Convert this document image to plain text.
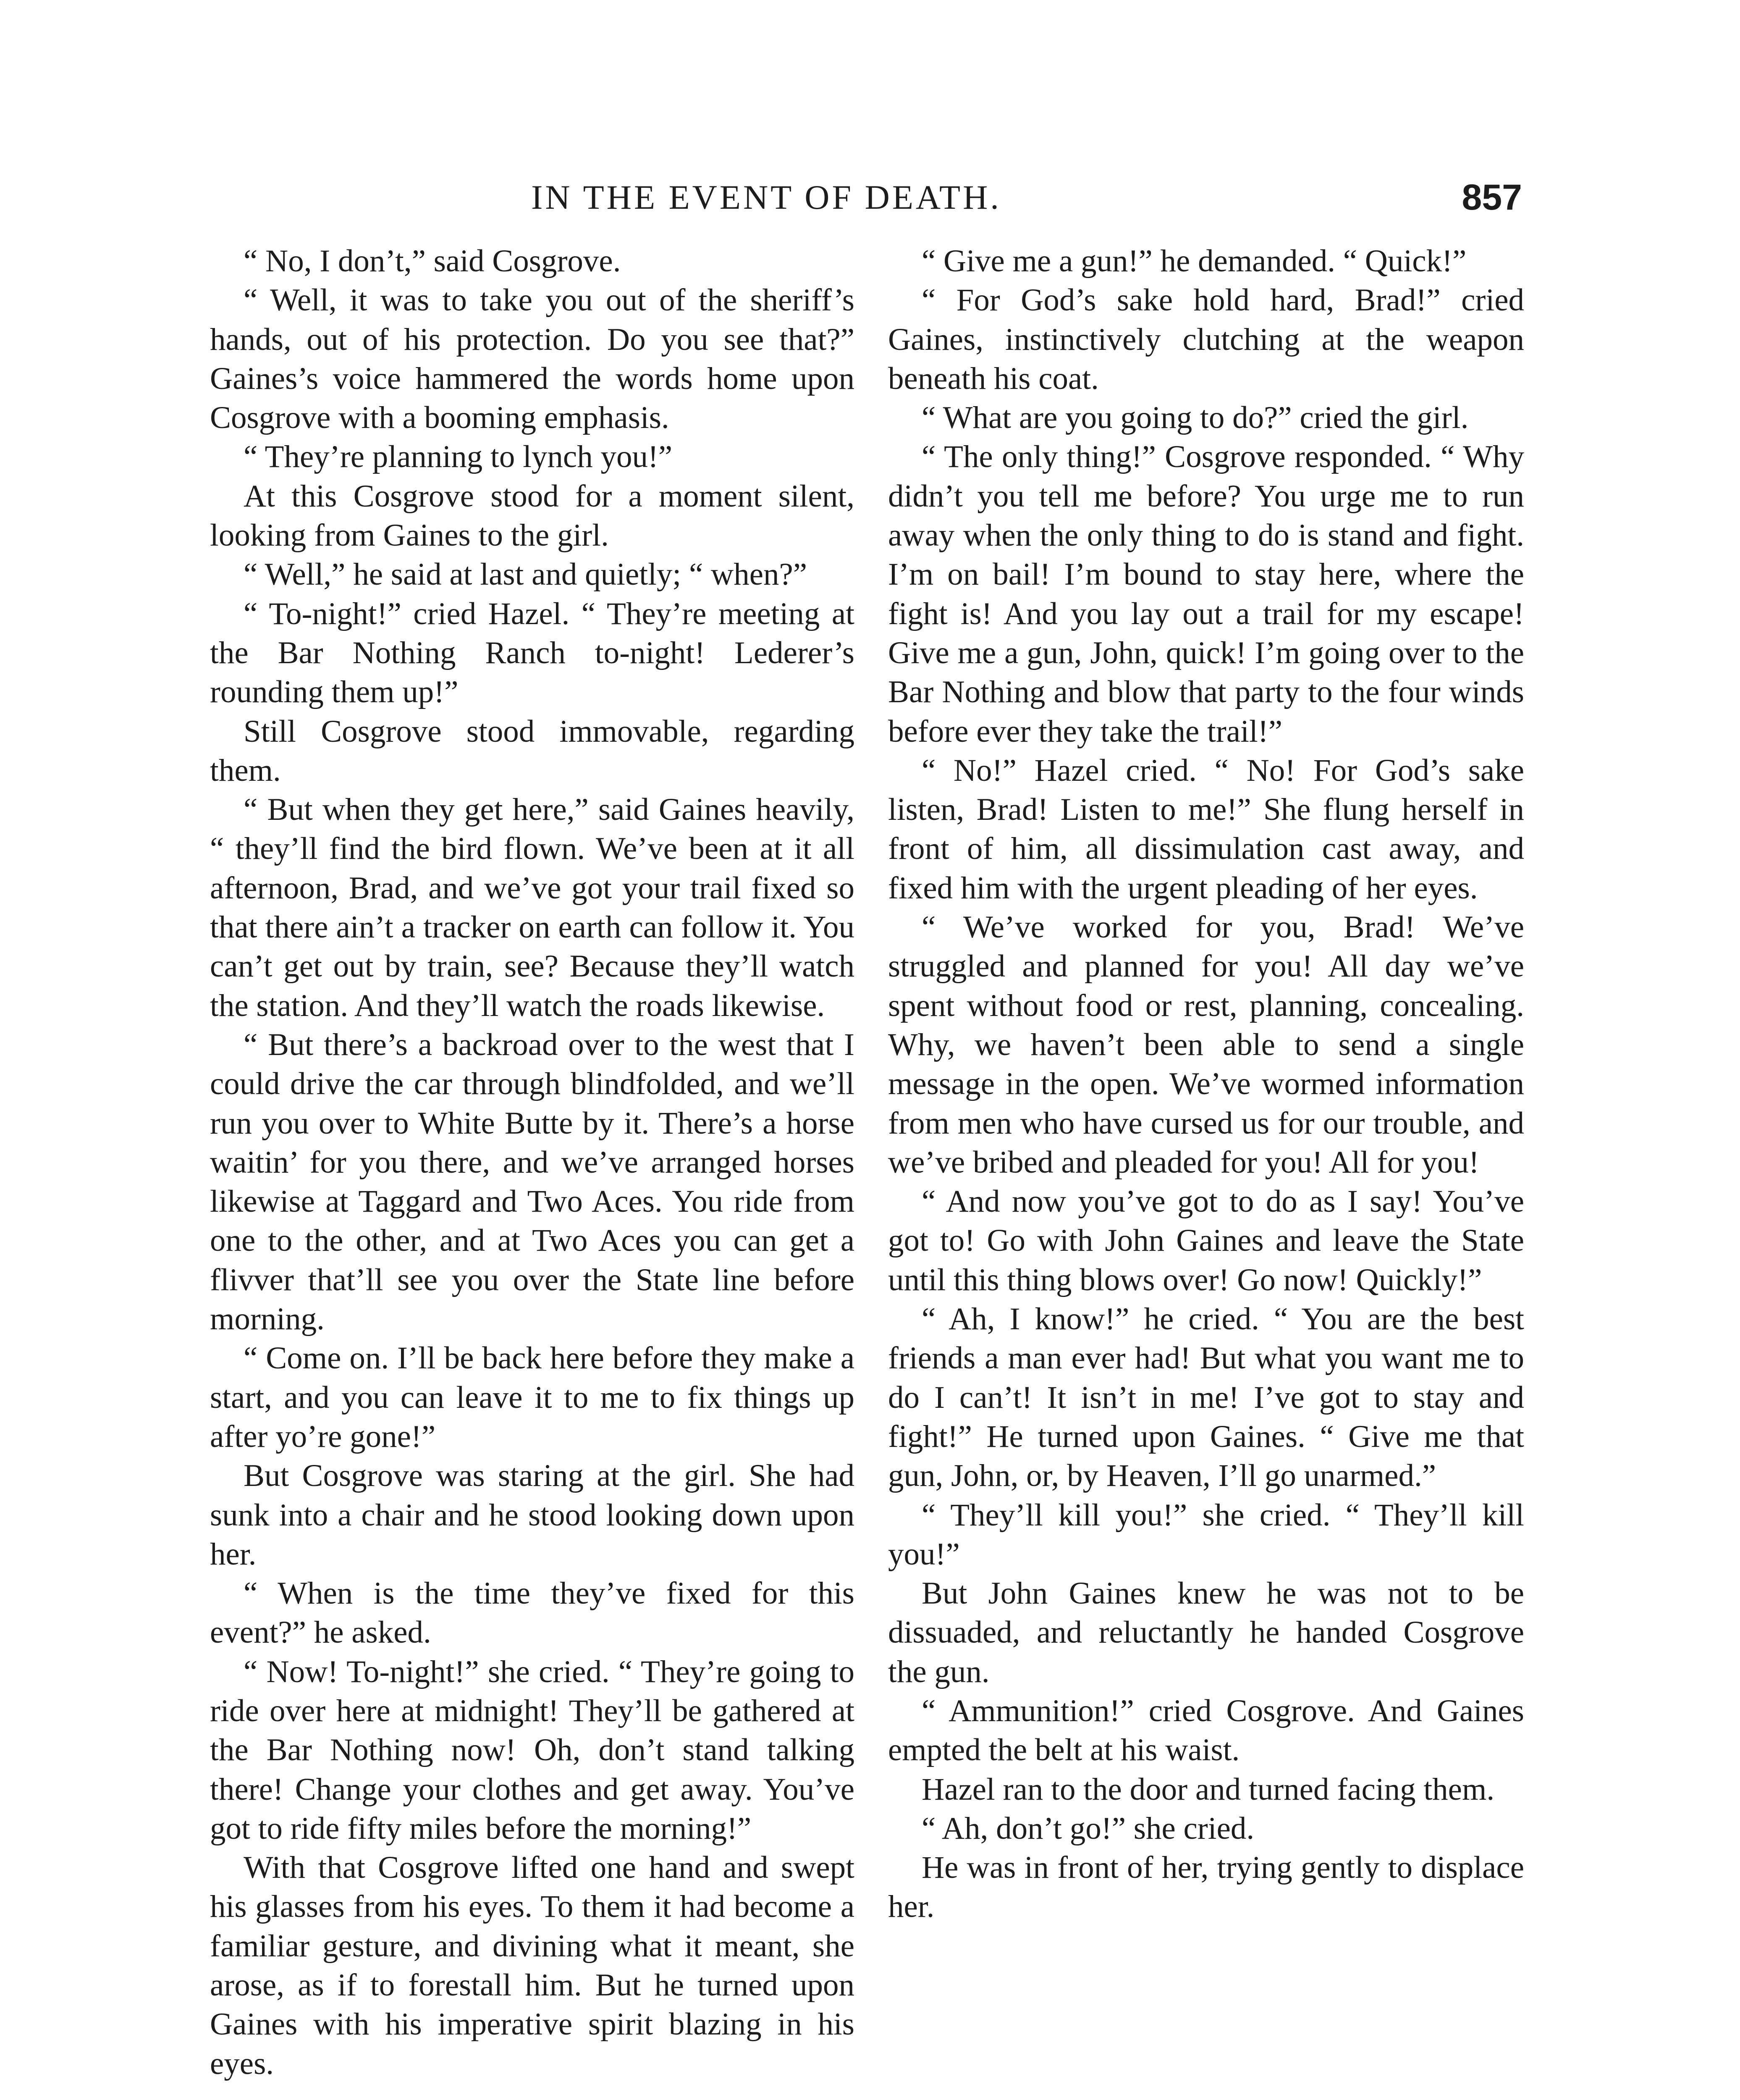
IN THE EVENT OF DEATH.	857

“ No, I don’t,” said Cosgrove.

“ Well, it was to take you out of the sheriff’s hands, out of his protection. Do you see that?” Gaines’s voice hammered the words home upon Cosgrove with a booming emphasis.

“ They’re planning to lynch you!”

At this Cosgrove stood for a moment silent, looking from Gaines to the girl.

“ Well,” he said at last and quietly; “ when?”

“ To-night!” cried Hazel. “ They’re meeting at the Bar Nothing Ranch to-night! Lederer’s rounding them up!”

Still Cosgrove stood immovable, regarding them.

“ But when they get here,” said Gaines heavily, “ they’ll find the bird flown. We’ve been at it all afternoon, Brad, and we’ve got your trail fixed so that there ain’t a tracker on earth can follow it. You can’t get out by train, see? Because they’ll watch the station. And they’ll watch the roads likewise.

“ But there’s a backroad over to the west that I could drive the car through blindfolded, and we’ll run you over to White Butte by it. There’s a horse waitin’ for you there, and we’ve arranged horses likewise at Taggard and Two Aces. You ride from one to the other, and at Two Aces you can get a flivver that’ll see you over the State line before morning.

“ Come on. I’ll be back here before they make a start, and you can leave it to me to fix things up after yo’re gone!”

But Cosgrove was staring at the girl. She had sunk into a chair and he stood looking down upon her.

“ When is the time they’ve fixed for this event?” he asked.

“ Now! To-night!” she cried. “ They’re going to ride over here at midnight! They’ll be gathered at the Bar Nothing now! Oh, don’t stand talking there! Change your clothes and get away. You’ve got to ride fifty miles before the morning!”

With that Cosgrove lifted one hand and swept his glasses from his eyes. To them it had become a familiar gesture, and divining what it meant, she arose, as if to forestall him. But he turned upon Gaines with his imperative spirit blazing in his eyes.

“ Give me a gun!” he demanded. “ Quick!”

“ For God’s sake hold hard, Brad!” cried Gaines, instinctively clutching at the weapon beneath his coat.

“ What are you going to do?” cried the girl.

“ The only thing!” Cosgrove responded. “ Why didn’t you tell me before? You urge me to run away when the only thing to do is stand and fight. I’m on bail! I’m bound to stay here, where the fight is! And you lay out a trail for my escape! Give me a gun, John, quick! I’m going over to the Bar Nothing and blow that party to the four winds before ever they take the trail!”

“ No!” Hazel cried. “ No! For God’s sake listen, Brad! Listen to me!” She flung herself in front of him, all dissimulation cast away, and fixed him with the urgent pleading of her eyes.

“ We’ve worked for you, Brad! We’ve struggled and planned for you! All day we’ve spent without food or rest, planning, concealing. Why, we haven’t been able to send a single message in the open. We’ve wormed information from men who have cursed us for our trouble, and we’ve bribed and pleaded for you! All for you!

“ And now you’ve got to do as I say! You’ve got to! Go with John Gaines and leave the State until this thing blows over! Go now! Quickly!”

“ Ah, I know!” he cried. “ You are the best friends a man ever had! But what you want me to do I can’t! It isn’t in me! I’ve got to stay and fight!” He turned upon Gaines. “ Give me that gun, John, or, by Heaven, I’ll go unarmed.”

“ They’ll kill you!” she cried. “ They’ll kill you!”

But John Gaines knew he was not to be dissuaded, and reluctantly he handed Cosgrove the gun.

“ Ammunition!” cried Cosgrove. And Gaines empted the belt at his waist.

Hazel ran to the door and turned facing them.

“ Ah, don’t go!” she cried.

He was in front of her, trying gently to displace her.
